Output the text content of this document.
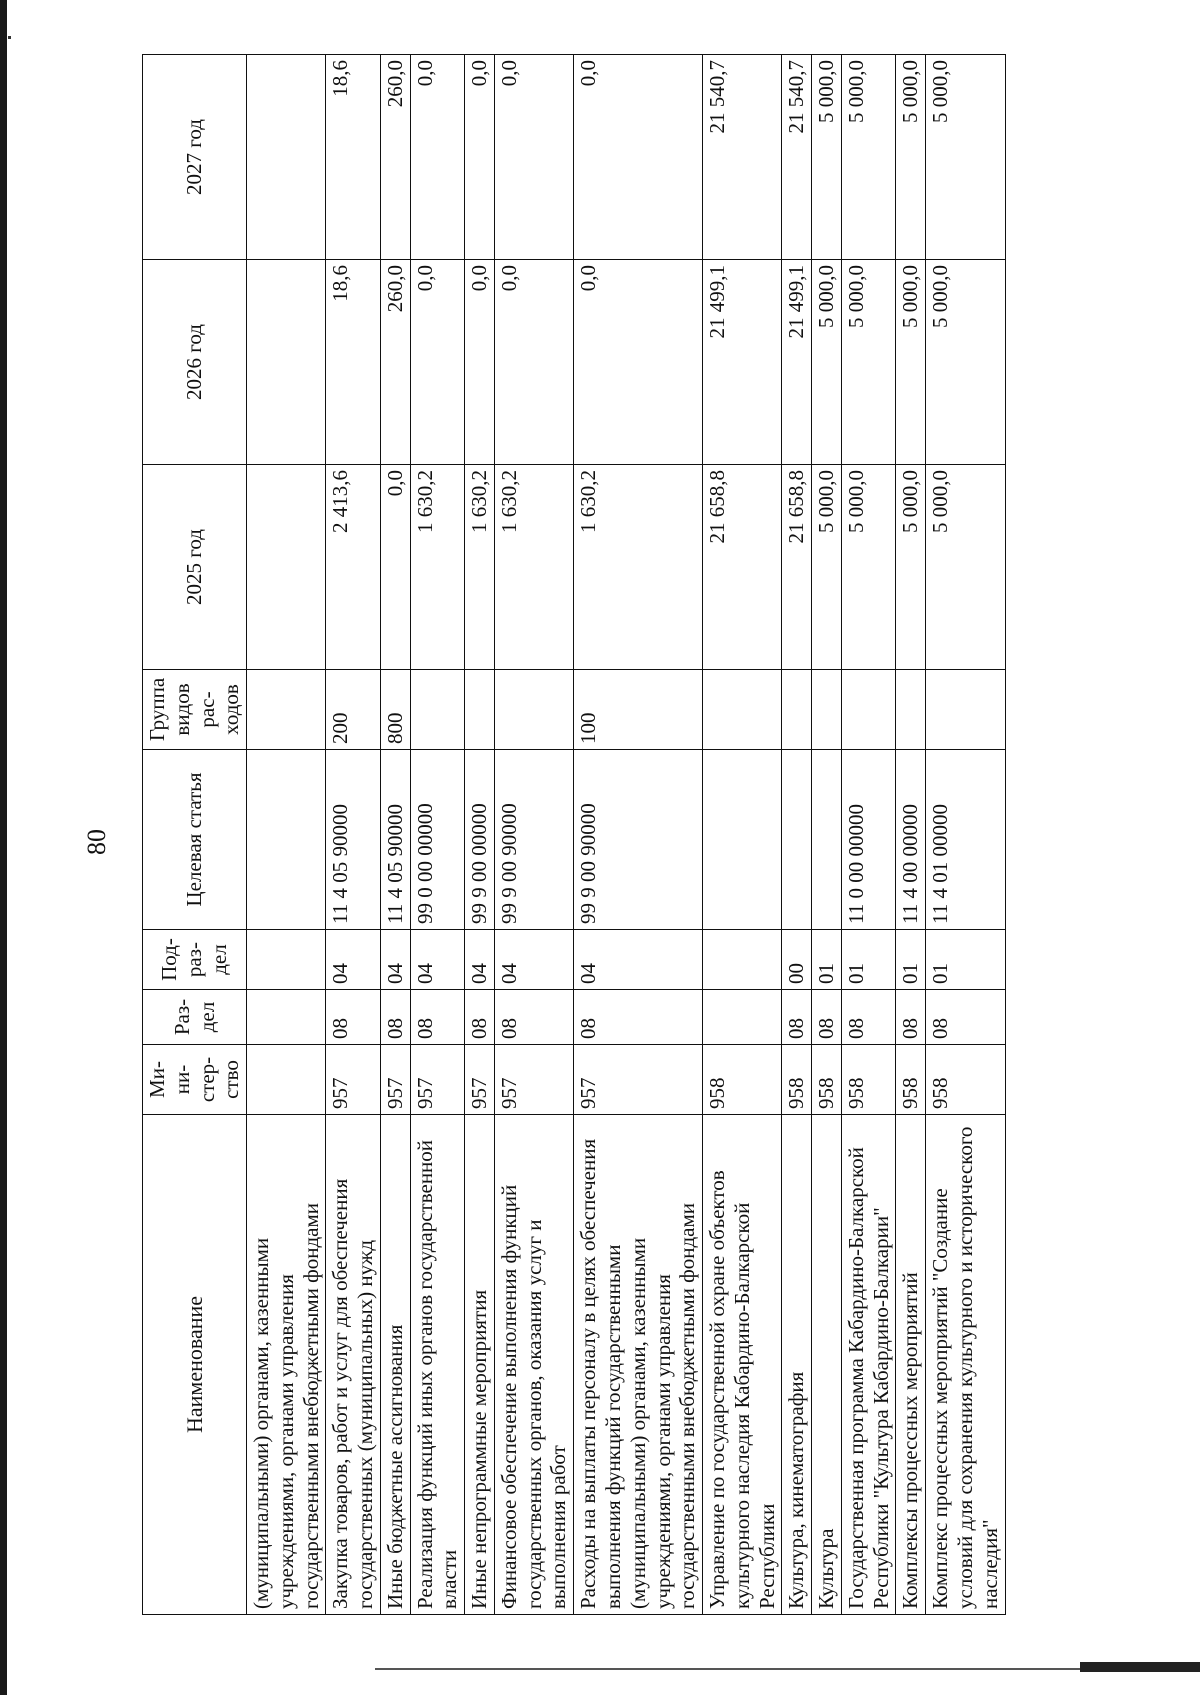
80
Наименование	Ми-
ни-
стер-
ство	Раз-
дел	Под-
раз-
дел	Целевая статья	Группа
видов
рас-
ходов	2025 год	2026 год	2027 год
(муниципальными) органами, казенными учреждениями, органами управления государственными внебюджетными фондами								
Закупка товаров, работ и услуг для обеспечения государственных (муниципальных) нужд	957	08	04	11 4 05 90000	200	2 413,6	18,6	18,6
Иные бюджетные ассигнования	957	08	04	11 4 05 90000	800	0,0	260,0	260,0
Реализация функций иных органов государственной власти	957	08	04	99 0 00 00000		1 630,2	0,0	0,0
Иные непрограммные мероприятия	957	08	04	99 9 00 00000		1 630,2	0,0	0,0
Финансовое обеспечение выполнения функций государственных органов, оказания услуг и выполнения работ	957	08	04	99 9 00 90000		1 630,2	0,0	0,0
Расходы на выплаты персоналу в целях обеспечения выполнения функций государственными (муниципальными) органами, казенными учреждениями, органами управления государственными внебюджетными фондами	957	08	04	99 9 00 90000	100	1 630,2	0,0	0,0
Управление по государственной охране объектов культурного наследия Кабардино-Балкарской Республики	958					21 658,8	21 499,1	21 540,7
Культура, кинематография	958	08	00			21 658,8	21 499,1	21 540,7
Культура	958	08	01			5 000,0	5 000,0	5 000,0
Государственная программа Кабардино-Балкарской Республики "Культура Кабардино-Балкарии"	958	08	01	11 0 00 00000		5 000,0	5 000,0	5 000,0
Комплексы процессных мероприятий	958	08	01	11 4 00 00000		5 000,0	5 000,0	5 000,0
Комплекс процессных мероприятий "Создание условий для сохранения культурного и исторического наследия"	958	08	01	11 4 01 00000		5 000,0	5 000,0	5 000,0
